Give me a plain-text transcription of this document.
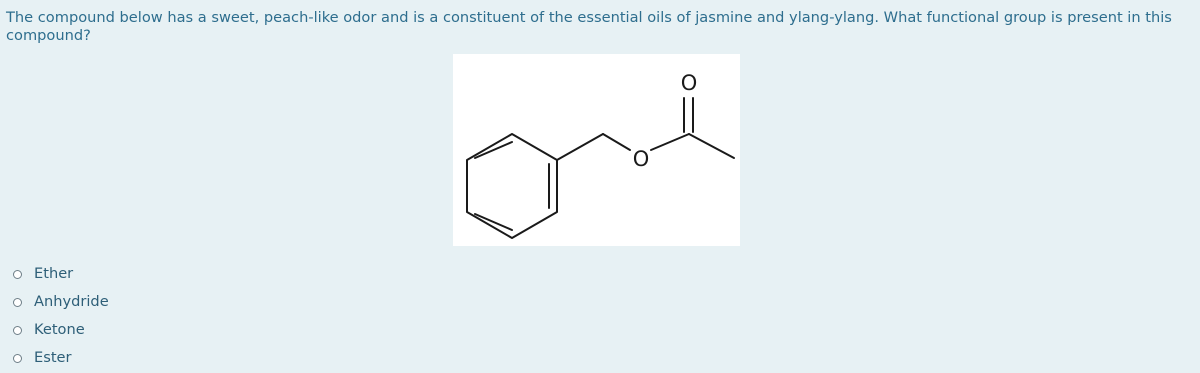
The compound below has a sweet, peach-like odor and is a constituent of the essential oils of jasmine and ylang-ylang. What functional group is present in this compound?

O
O
Ether
Anhydride
Ketone
Ester
